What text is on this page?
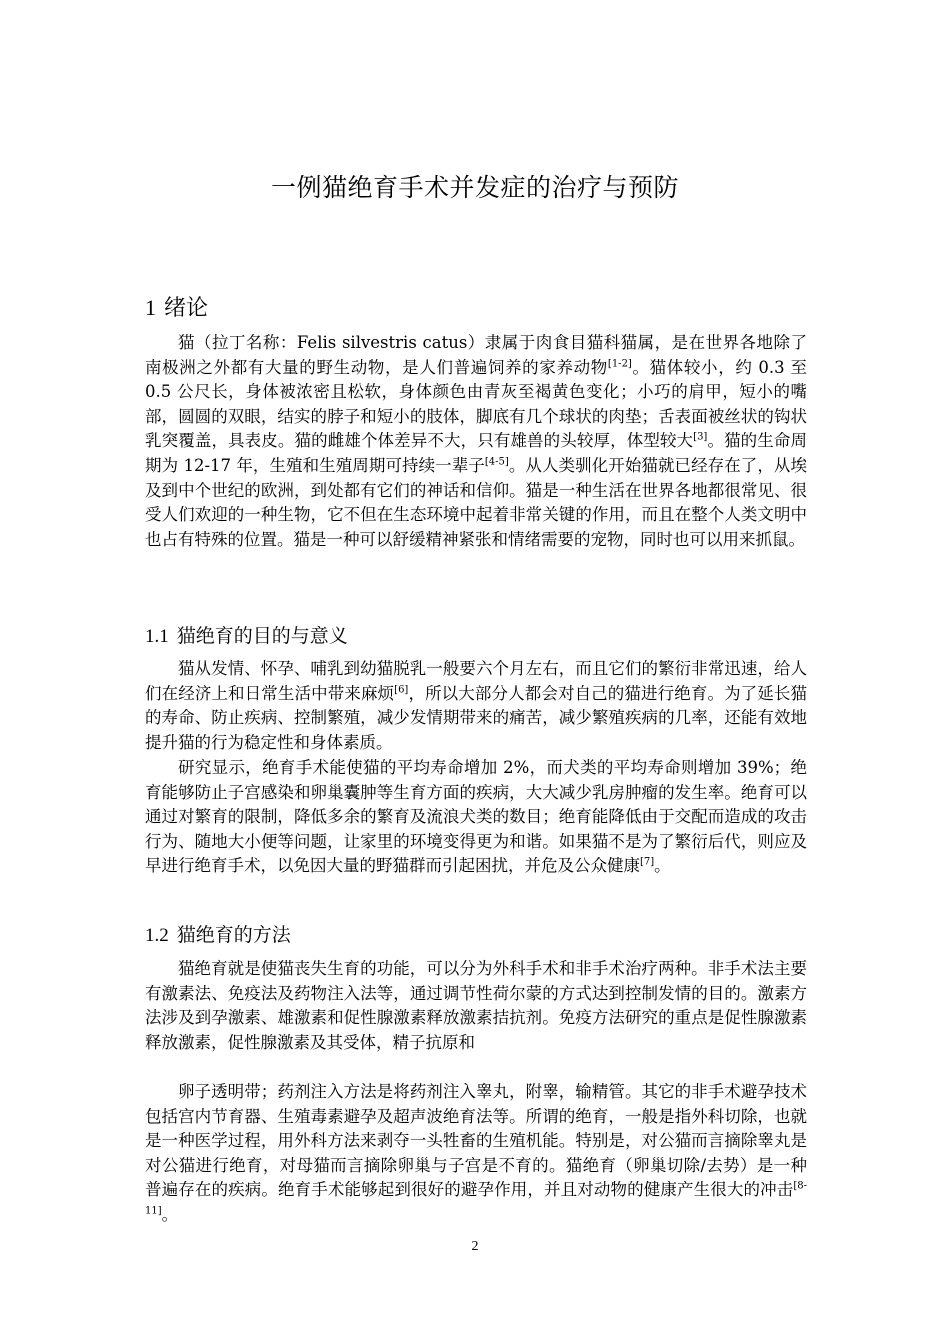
一例猫绝育手术并发症的治疗与预防
1 绪论

猫（拉丁名称：Felis silvestris catus）隶属于肉食目猫科猫属，是在世界各地除了南极洲之外都有大量的野生动物，是人们普遍饲养的家养动物[1-2]。猫体较小，约 0.3 至 0.5 公尺长，身体被浓密且松软，身体颜色由青灰至褐黄色变化；小巧的肩甲，短小的嘴部，圆圆的双眼，结实的脖子和短小的肢体，脚底有几个球状的肉垫；舌表面被丝状的钩状乳突覆盖，具表皮。猫的雌雄个体差异不大，只有雄兽的头较厚，体型较大[3]。猫的生命周期为 12-17 年，生殖和生殖周期可持续一辈子[4-5]。从人类驯化开始猫就已经存在了，从埃及到中个世纪的欧洲，到处都有它们的神话和信仰。猫是一种生活在世界各地都很常见、很受人们欢迎的一种生物，它不但在生态环境中起着非常关键的作用，而且在整个人类文明中也占有特殊的位置。猫是一种可以舒缓精神紧张和情绪需要的宠物，同时也可以用来抓鼠。

1.1 猫绝育的目的与意义

猫从发情、怀孕、哺乳到幼猫脱乳一般要六个月左右，而且它们的繁衍非常迅速，给人们在经济上和日常生活中带来麻烦[6]，所以大部分人都会对自己的猫进行绝育。为了延长猫的寿命、防止疾病、控制繁殖，减少发情期带来的痛苦，减少繁殖疾病的几率，还能有效地提升猫的行为稳定性和身体素质。

研究显示，绝育手术能使猫的平均寿命增加 2%，而犬类的平均寿命则增加 39%；绝育能够防止子宫感染和卵巢囊肿等生育方面的疾病，大大减少乳房肿瘤的发生率。绝育可以通过对繁育的限制，降低多余的繁育及流浪犬类的数目；绝育能降低由于交配而造成的攻击行为、随地大小便等问题，让家里的环境变得更为和谐。如果猫不是为了繁衍后代，则应及早进行绝育手术，以免因大量的野猫群而引起困扰，并危及公众健康[7]。

1.2 猫绝育的方法

猫绝育就是使猫丧失生育的功能，可以分为外科手术和非手术治疗两种。非手术法主要有激素法、免疫法及药物注入法等，通过调节性荷尔蒙的方式达到控制发情的目的。激素方法涉及到孕激素、雄激素和促性腺激素释放激素拮抗剂。免疫方法研究的重点是促性腺激素释放激素，促性腺激素及其受体，精子抗原和

卵子透明带；药剂注入方法是将药剂注入睾丸，附睾，输精管。其它的非手术避孕技术包括宫内节育器、生殖毒素避孕及超声波绝育法等。所谓的绝育，一般是指外科切除，也就是一种医学过程，用外科方法来剥夺一头牲畜的生殖机能。特别是，对公猫而言摘除睾丸是对公猫进行绝育，对母猫而言摘除卵巢与子宫是不育的。猫绝育（卵巢切除/去势）是一种普遍存在的疾病。绝育手术能够起到很好的避孕作用，并且对动物的健康产生很大的冲击[8-11]。

2
